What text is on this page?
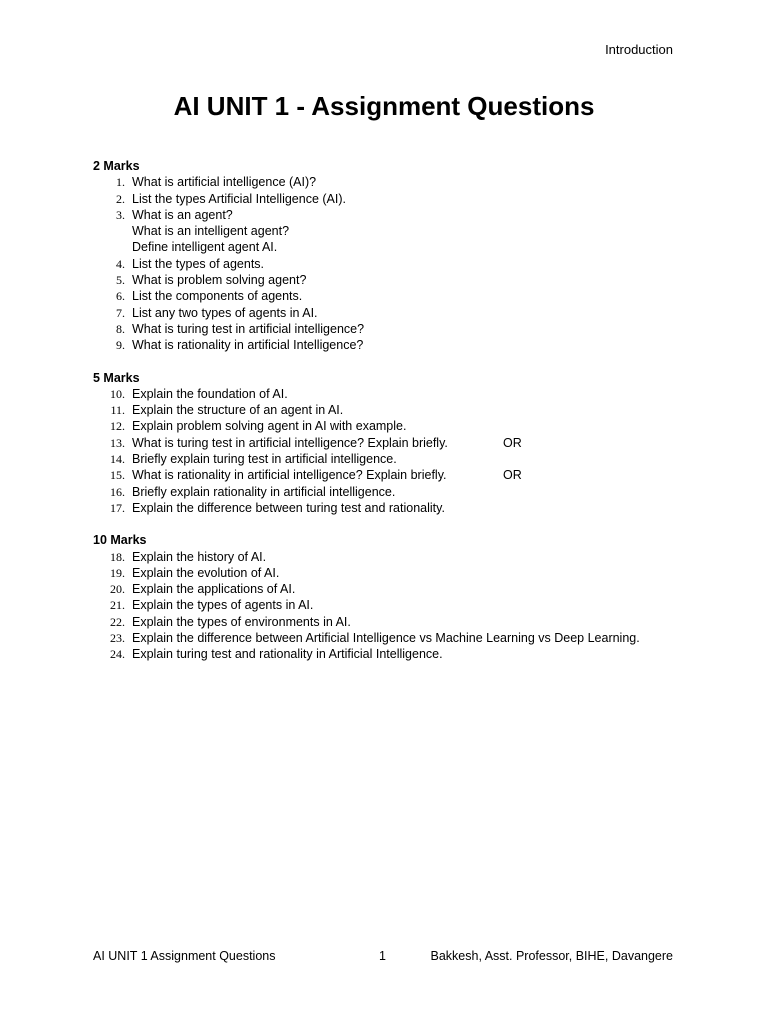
Introduction
AI UNIT 1 - Assignment Questions
2 Marks
1. What is artificial intelligence (AI)?
2. List the types Artificial Intelligence (AI).
3. What is an agent?
What is an intelligent agent?
Define intelligent agent AI.
4. List the types of agents.
5. What is problem solving agent?
6. List the components of agents.
7. List any two types of agents in AI.
8. What is turing test in artificial intelligence?
9. What is rationality in artificial Intelligence?
5 Marks
10. Explain the foundation of AI.
11. Explain the structure of an agent in AI.
12. Explain problem solving agent in AI with example.
13. What is turing test in artificial intelligence? Explain briefly.	OR
14. Briefly explain turing test in artificial intelligence.
15. What is rationality in artificial intelligence? Explain briefly.	OR
16. Briefly explain rationality in artificial intelligence.
17. Explain the difference between turing test and rationality.
10 Marks
18. Explain the history of AI.
19. Explain the evolution of AI.
20. Explain the applications of AI.
21. Explain the types of agents in AI.
22. Explain the types of environments in AI.
23. Explain the difference between Artificial Intelligence vs Machine Learning vs Deep Learning.
24. Explain turing test and rationality in Artificial Intelligence.
AI UNIT 1 Assignment Questions	1	Bakkesh, Asst. Professor, BIHE, Davangere
